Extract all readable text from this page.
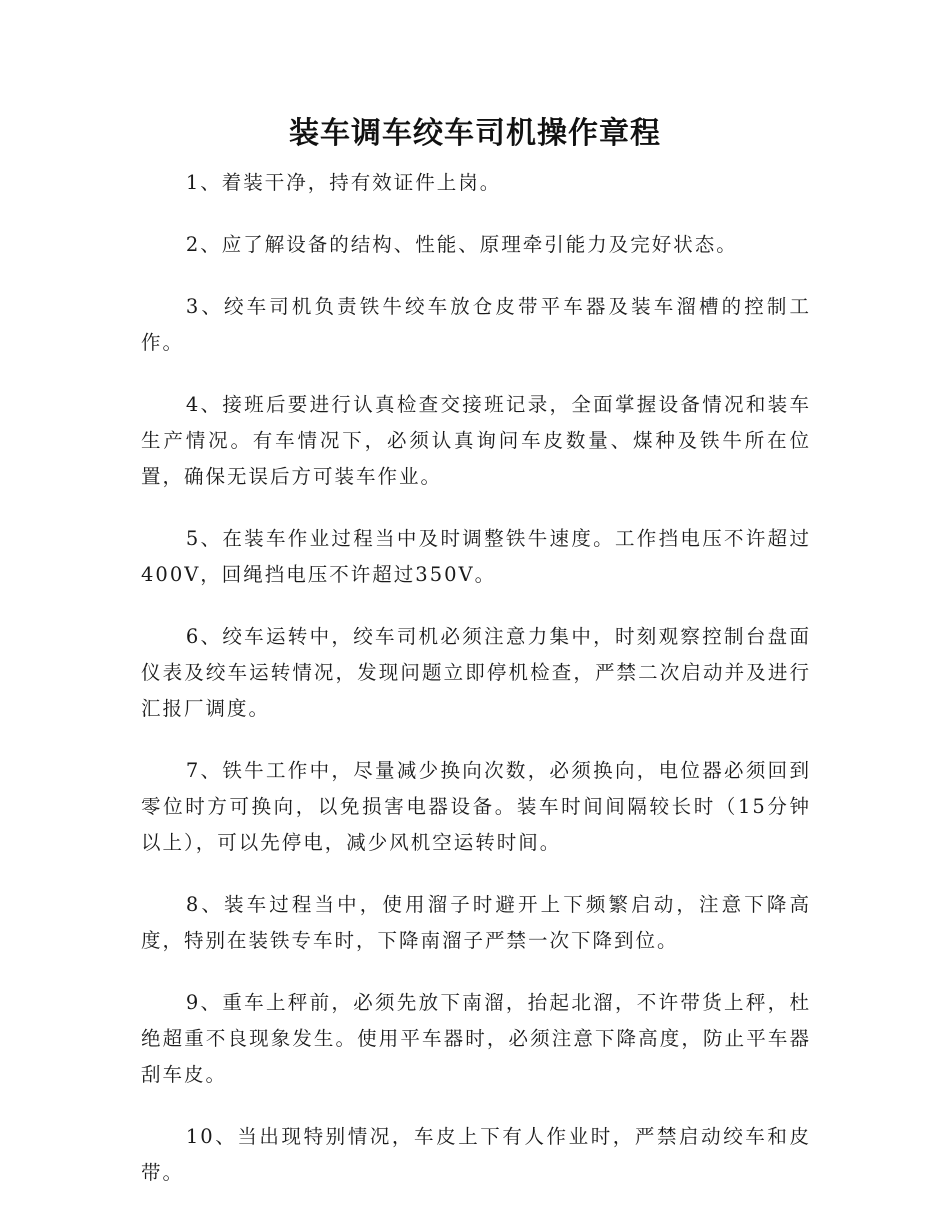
装车调车绞车司机操作章程

1、着装干净，持有效证件上岗。

2、应了解设备的结构、性能、原理牵引能力及完好状态。

3、绞车司机负责铁牛绞车放仓皮带平车器及装车溜槽的控制工作。

4、接班后要进行认真检查交接班记录，全面掌握设备情况和装车生产情况。有车情况下，必须认真询问车皮数量、煤种及铁牛所在位置，确保无误后方可装车作业。

5、在装车作业过程当中及时调整铁牛速度。工作挡电压不许超过400V，回绳挡电压不许超过350V。

6、绞车运转中，绞车司机必须注意力集中，时刻观察控制台盘面仪表及绞车运转情况，发现问题立即停机检查，严禁二次启动并及进行汇报厂调度。

7、铁牛工作中，尽量减少换向次数，必须换向，电位器必须回到零位时方可换向，以免损害电器设备。装车时间间隔较长时（15分钟以上），可以先停电，减少风机空运转时间。

8、装车过程当中，使用溜子时避开上下频繁启动，注意下降高度，特别在装铁专车时，下降南溜子严禁一次下降到位。

9、重车上秤前，必须先放下南溜，抬起北溜，不许带货上秤，杜绝超重不良现象发生。使用平车器时，必须注意下降高度，防止平车器刮车皮。

10、当出现特别情况，车皮上下有人作业时，严禁启动绞车和皮带。
